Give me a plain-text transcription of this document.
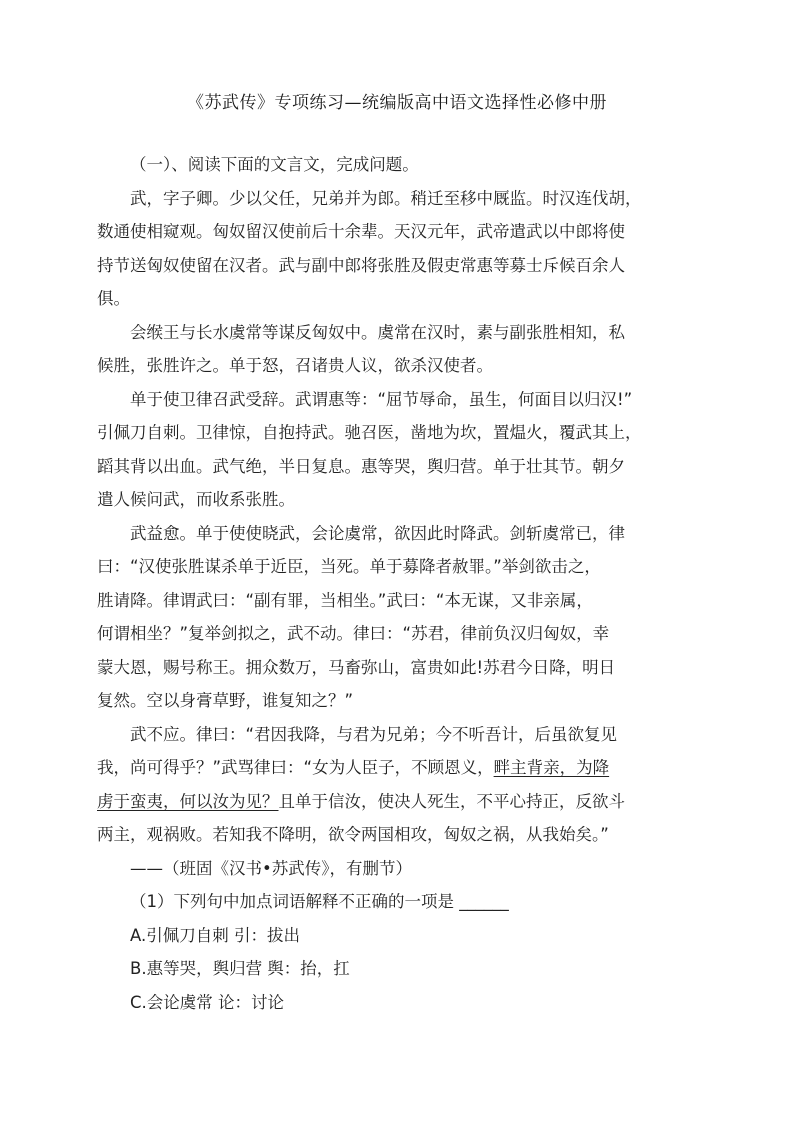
《苏武传》专项练习—统编版高中语文选择性必修中册

（一）、阅读下面的文言文，完成问题。

武，字子卿。少以父任，兄弟并为郎。稍迁至移中厩监。时汉连伐胡，
数通使相窥观。匈奴留汉使前后十余辈。天汉元年，武帝遣武以中郎将使
持节送匈奴使留在汉者。武与副中郎将张胜及假吏常惠等募士斥候百余人
俱。

会缑王与长水虞常等谋反匈奴中。虞常在汉时，素与副张胜相知，私
候胜，张胜许之。单于怒，召诸贵人议，欲杀汉使者。

单于使卫律召武受辞。武谓惠等：“屈节辱命，虽生，何面目以归汉!”
引佩刀自刺。卫律惊，自抱持武。驰召医，凿地为坎，置煴火，覆武其上，
蹈其背以出血。武气绝，半日复息。惠等哭，舆归营。单于壮其节。朝夕
遣人候问武，而收系张胜。

武益愈。单于使使晓武，会论虞常，欲因此时降武。剑斩虞常已，律
曰：“汉使张胜谋杀单于近臣，当死。单于募降者赦罪。”举剑欲击之，
胜请降。律谓武曰：“副有罪，当相坐。”武曰：“本无谋，又非亲属，
何谓相坐？”复举剑拟之，武不动。律曰：“苏君，律前负汉归匈奴，幸
蒙大恩，赐号称王。拥众数万，马畜弥山，富贵如此!苏君今日降，明日
复然。空以身膏草野，谁复知之？”

武不应。律曰：“君因我降，与君为兄弟；今不听吾计，后虽欲复见
我，尚可得乎？”武骂律曰：“女为人臣子，不顾恩义，畔主背亲，为降
虏于蛮夷，何以汝为见？且单于信汝，使决人死生，不平心持正，反欲斗
两主，观祸败。若知我不降明，欲令两国相攻，匈奴之祸，从我始矣。”

——（班固《汉书•苏武传》，有删节）

（1）下列句中加点词语解释不正确的一项是 ______

A.引佩刀自刺 引：拔出

B.惠等哭，舆归营 舆：抬，扛

C.会论虞常 论：讨论
